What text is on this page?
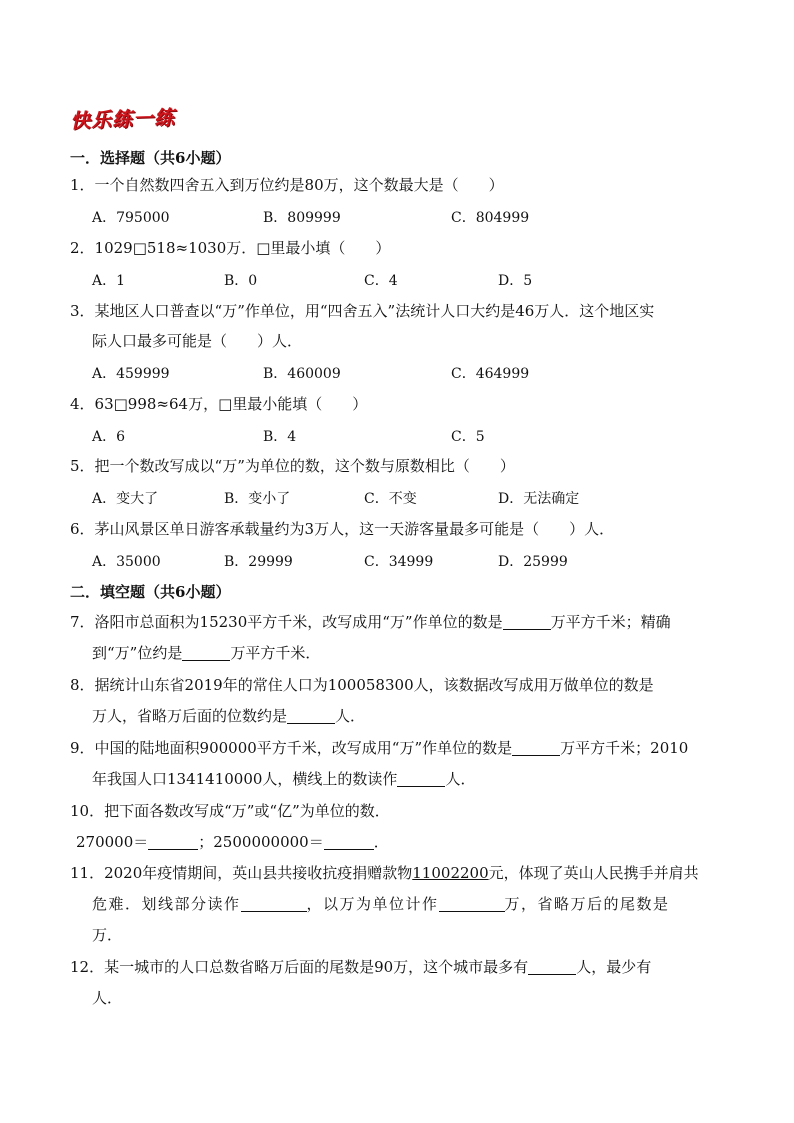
快乐练一练
一．选择题（共6小题）
1．一个自然数四舍五入到万位约是80万，这个数最大是（　　）
A．795000	B．809999	C．804999
2．1029□518≈1030万．□里最小填（　　）
A．1	B．0	C．4	D．5
3．某地区人口普查以“万”作单位，用“四舍五入”法统计人口大约是46万人．这个地区实
际人口最多可能是（　　）人．
A．459999	B．460009	C．464999
4．63□998≈64万，□里最小能填（　　）
A．6	B．4	C．5
5．把一个数改写成以“万”为单位的数，这个数与原数相比（　　）
A．变大了	B．变小了	C．不变	D．无法确定
6．茅山风景区单日游客承载量约为3万人，这一天游客量最多可能是（　　）人．
A．35000	B．29999	C．34999	D．25999
二．填空题（共6小题）
7．洛阳市总面积为15230平方千米，改写成用“万”作单位的数是	万平方千米；精确
到“万”位约是	万平方千米．
8．据统计山东省2019年的常住人口为100058300人，该数据改写成用万做单位的数是
万人，省略万后面的位数约是	人．
9．中国的陆地面积900000平方千米，改写成用“万”作单位的数是	万平方千米；2010
年我国人口1341410000人，横线上的数读作	人．
10．把下面各数改写成“万”或“亿”为单位的数．
270000＝	；2500000000＝	．
11．2020年疫情期间，英山县共接收抗疫捐赠款物11002200元，体现了英山人民携手并肩共
危难．划线部分读作	，以万为单位计作	万，省略万后的尾数是
万．
12．某一城市的人口总数省略万后面的尾数是90万，这个城市最多有	人，最少有
人．
